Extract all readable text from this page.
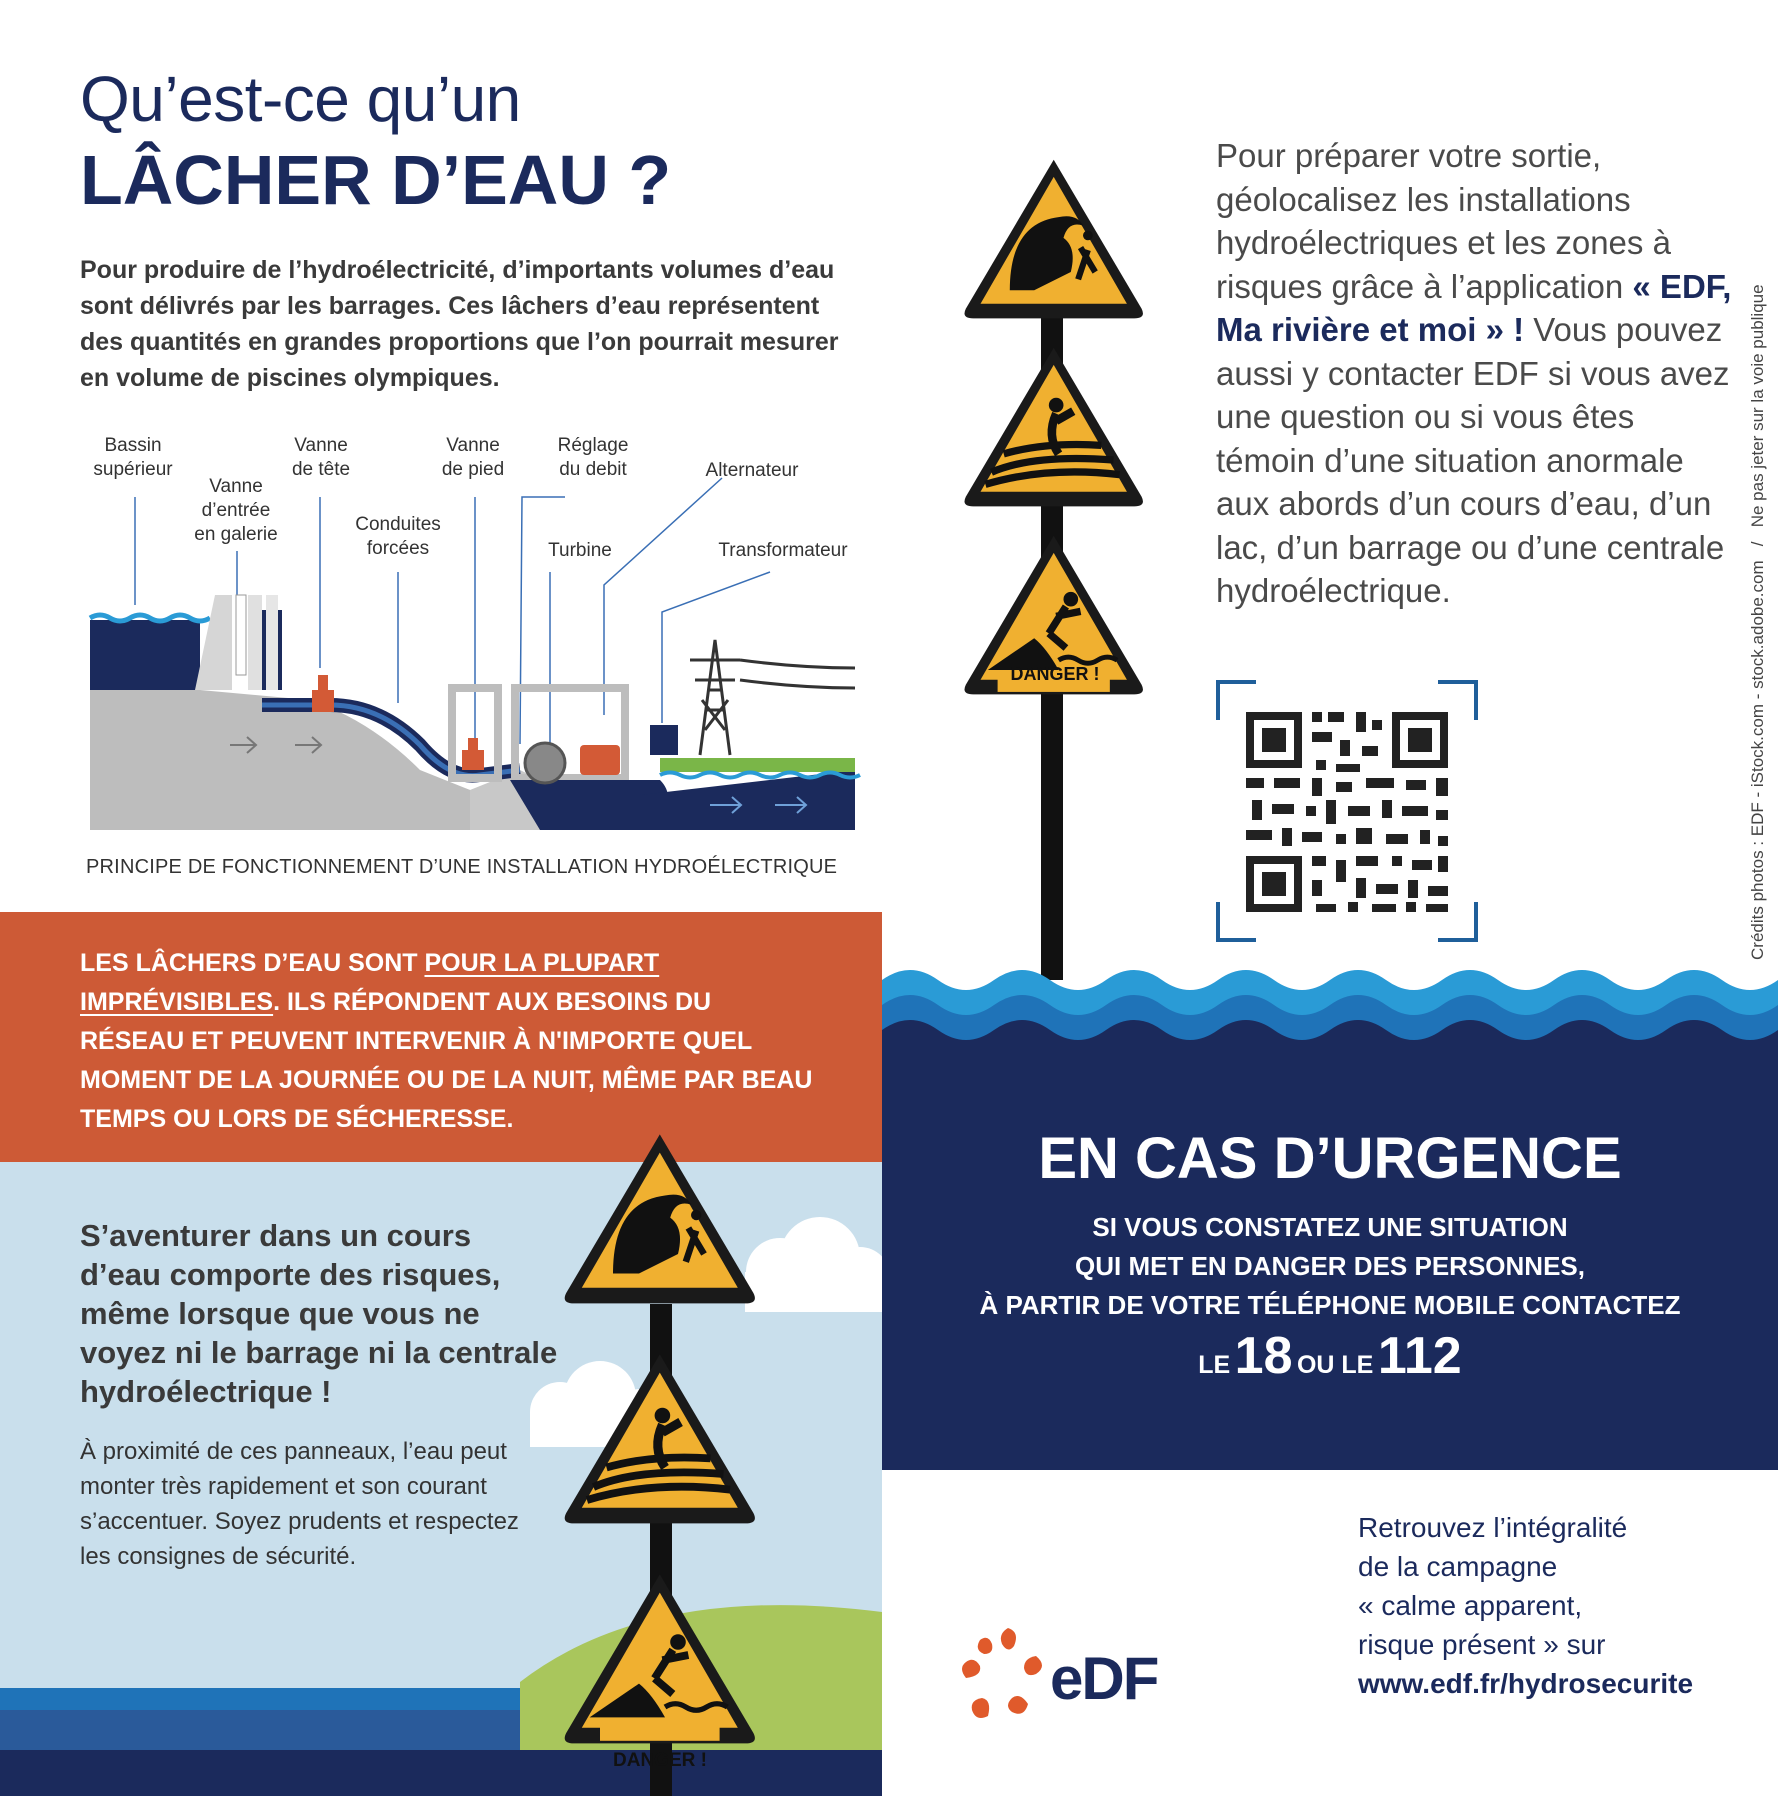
Qu’est-ce qu’un
LÂCHER D’EAU ?
Pour produire de l’hydroélectricité, d’importants volumes d’eau sont délivrés par les barrages. Ces lâchers d’eau représentent des quantités en grandes proportions que l’on pourrait mesurer en volume de piscines olympiques.
Bassin
supérieur
Vanne
d’entrée
en galerie
Vanne
de tête
Conduites
forcées
Vanne
de pied
Réglage
du debit
Turbine
Alternateur
Transformateur
PRINCIPE DE FONCTIONNEMENT D’UNE INSTALLATION HYDROÉLECTRIQUE
LES LÂCHERS D’EAU SONT POUR LA PLUPART IMPRÉVISIBLES. ILS RÉPONDENT AUX BESOINS DU RÉSEAU ET PEUVENT INTERVENIR À N'IMPORTE QUEL MOMENT DE LA JOURNÉE OU DE LA NUIT, MÊME PAR BEAU TEMPS OU LORS DE SÉCHERESSE.
S’aventurer dans un cours d’eau comporte des risques, même lorsque que vous ne voyez ni le barrage ni la centrale hydroélectrique !
À proximité de ces panneaux, l’eau peut monter très rapidement et son courant s’accentuer. Soyez prudents et respectez les consignes de sécurité.
DANGER !
DANGER !
Pour préparer votre sortie, géolocalisez les installations hydroélectriques et les zones à risques grâce à l’application « EDF, Ma rivière et moi » ! Vous pouvez aussi y contacter EDF si vous avez une question ou si vous êtes témoin d’une situation anormale aux abords d’un cours d’eau, d’un lac, d’un barrage ou d’une centrale hydroélectrique.	Crédits photos : EDF - iStock.com - stock.adobe.com   /   Ne pas jeter sur la voie publique
EN CAS D’URGENCE
SI VOUS CONSTATEZ UNE SITUATION
QUI MET EN DANGER DES PERSONNES,
À PARTIR DE VOTRE TÉLÉPHONE MOBILE CONTACTEZ
LE 18 OU LE 112
Retrouvez l’intégralité
de la campagne
« calme apparent,
risque présent » sur
www.edf.fr/hydrosecurite
eDF
